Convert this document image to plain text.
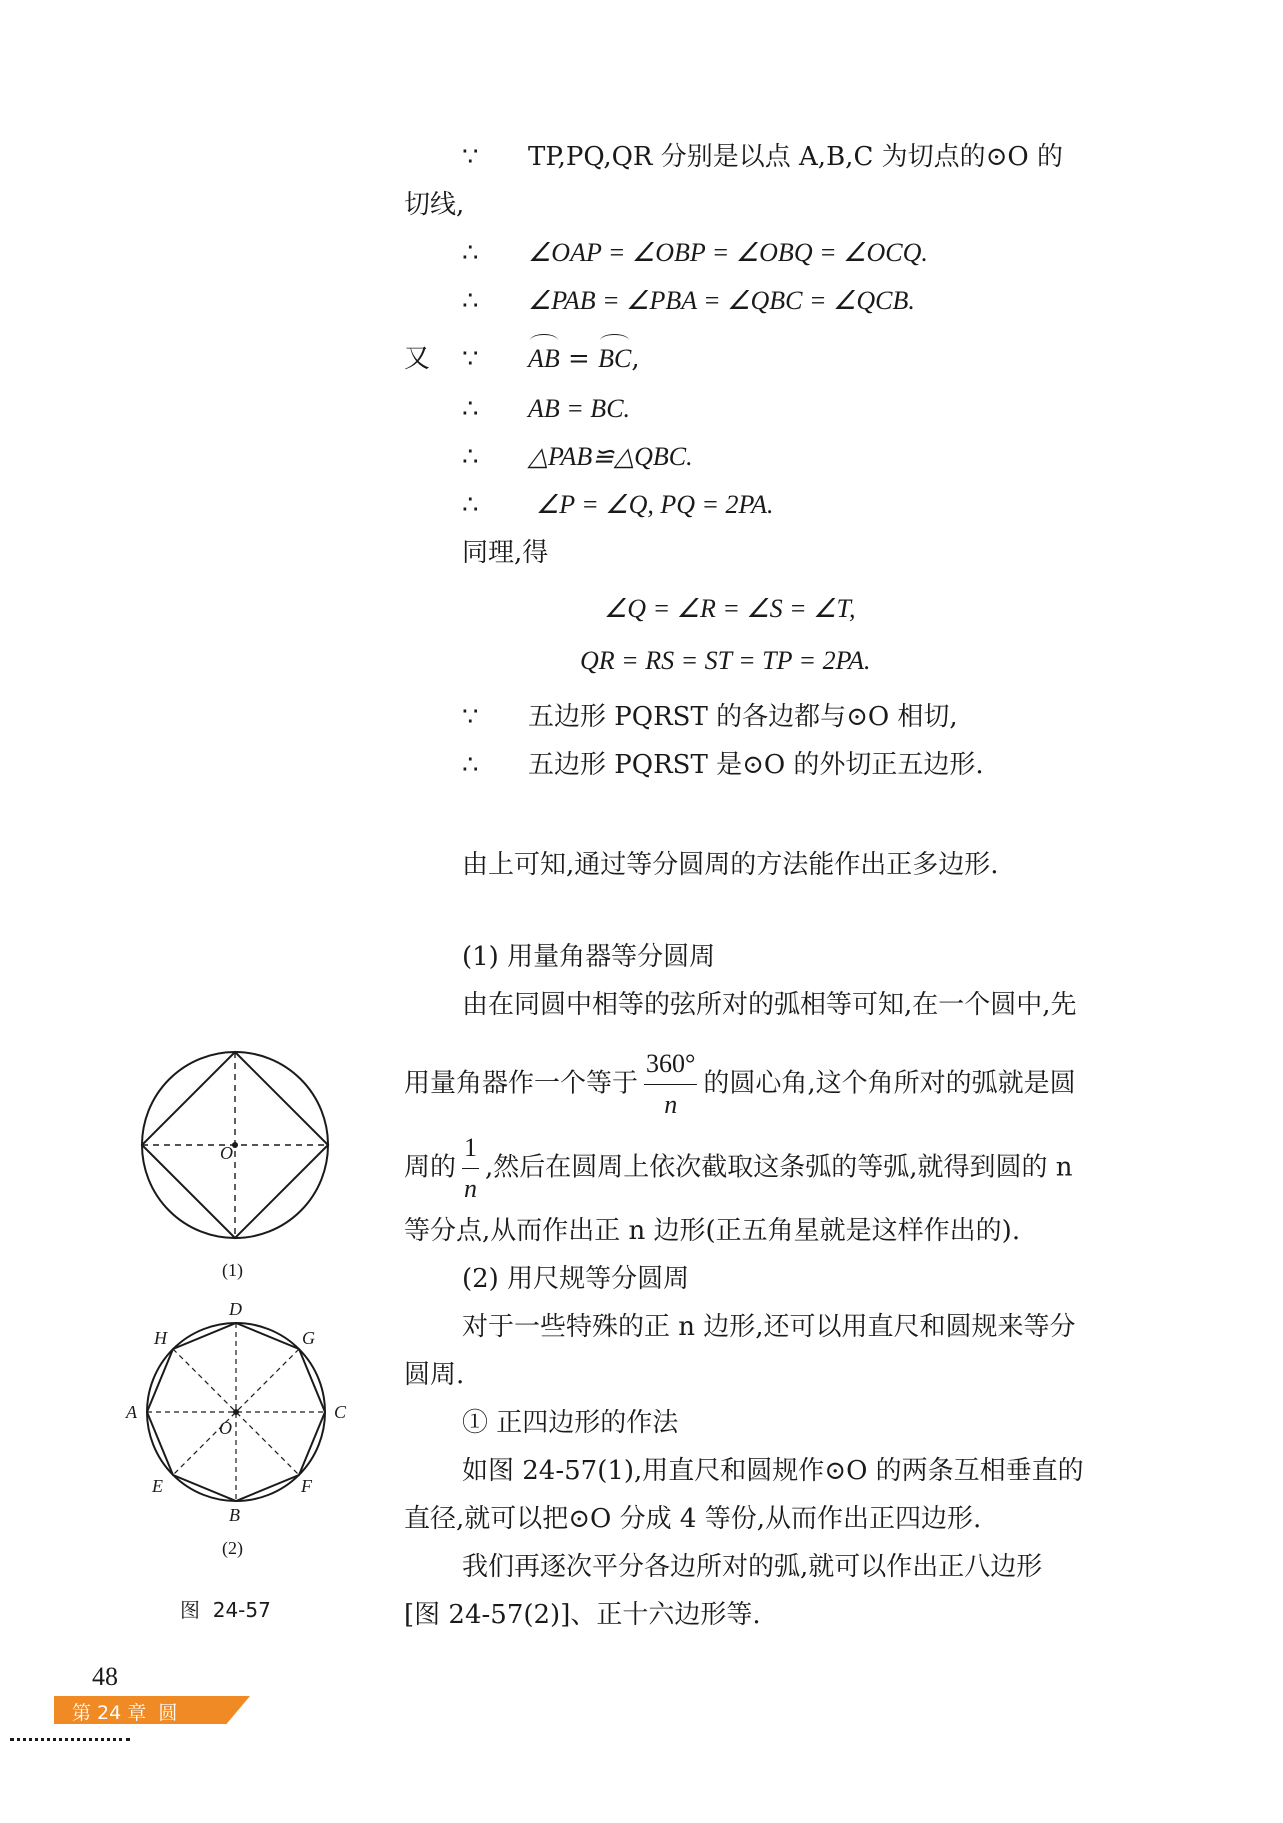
∵ TP,PQ,QR 分别是以点 A,B,C 为切点的⊙O 的
切线,
∴ ∠OAP = ∠OBP = ∠OBQ = ∠OCQ.
∴ ∠PAB = ∠PBA = ∠QBC = ∠QCB.
又 ∵ AB = BC,
∴ AB = BC.
∴ △PAB≌△QBC.
∴ ∠P = ∠Q, PQ = 2PA.
同理,得
∠Q = ∠R = ∠S = ∠T,
QR = RS = ST = TP = 2PA.
∵ 五边形 PQRST 的各边都与⊙O 相切,
∴ 五边形 PQRST 是⊙O 的外切正五边形.
由上可知,通过等分圆周的方法能作出正多边形.
(1) 用量角器等分圆周
由在同圆中相等的弦所对的弧相等可知,在一个圆中,先
用量角器作一个等于 $\frac{360^\circ}{n}$ 的圆心角,这个角所对的弧就是圆
周的 $\frac{1}{n}$ ,然后在圆周上依次截取这条弧的等弧,就得到圆的 n
等分点,从而作出正 n 边形(正五角星就是这样作出的).
(2) 用尺规等分圆周
对于一些特殊的正 n 边形,还可以用直尺和圆规来等分
圆周.
① 正四边形的作法
如图 24-57(1),用直尺和圆规作⊙O 的两条互相垂直的
直径,就可以把⊙O 分成 4 等份,从而作出正四边形.
我们再逐次平分各边所对的弧,就可以作出正八边形
[图 24-57(2)]、正十六边形等.
O
(1)
D
G
C
F
B
E
A
H
O
(2)
图  24-57
48
第 24 章  圆
